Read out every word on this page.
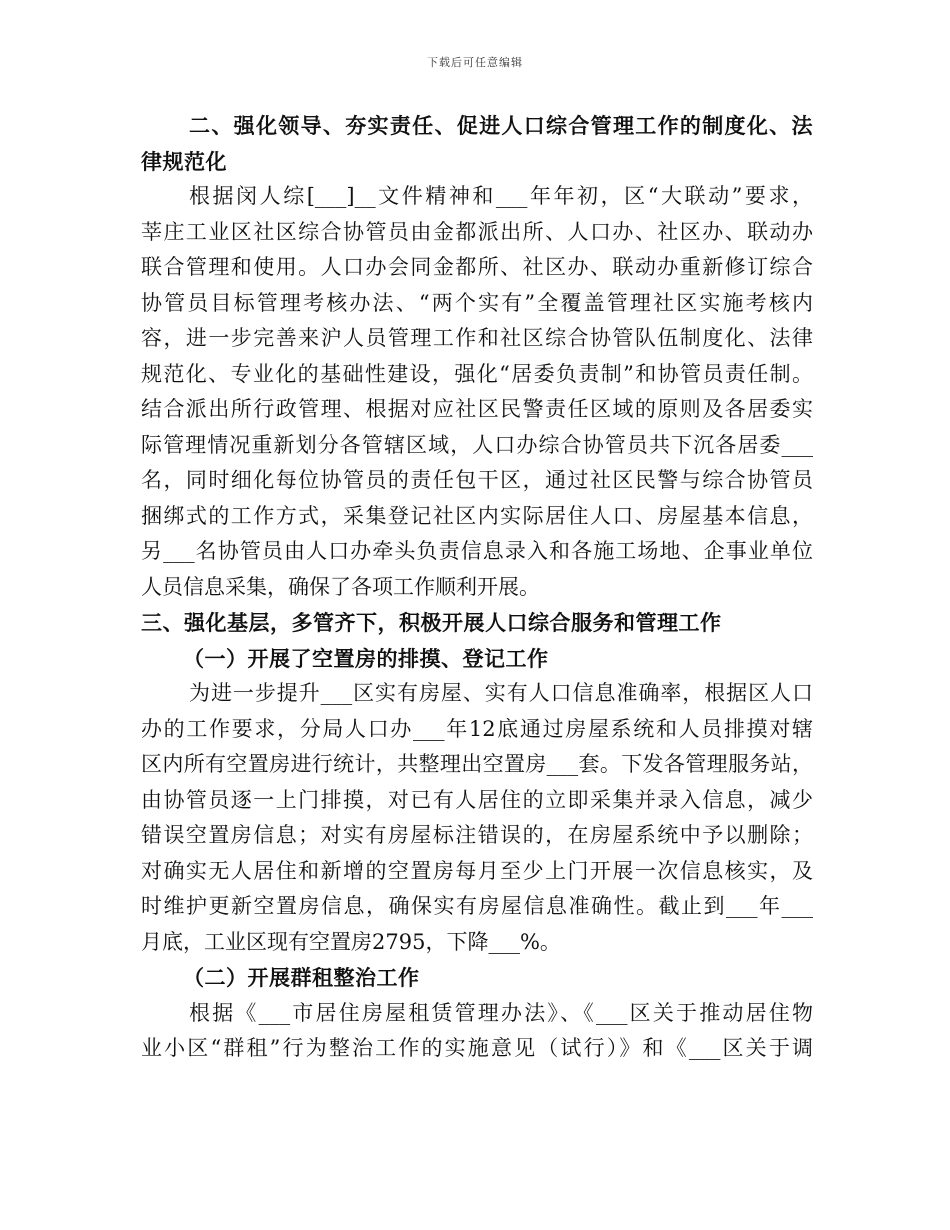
下载后可任意编辑
二、强化领导、夯实责任、促进人口综合管理工作的制度化、法
律规范化
根据闵人综[___]__文件精神和___年年初，区“大联动”要求，
莘庄工业区社区综合协管员由金都派出所、人口办、社区办、联动办
联合管理和使用。人口办会同金都所、社区办、联动办重新修订综合
协管员目标管理考核办法、“两个实有”全覆盖管理社区实施考核内
容，进一步完善来沪人员管理工作和社区综合协管队伍制度化、法律
规范化、专业化的基础性建设，强化“居委负责制”和协管员责任制。
结合派出所行政管理、根据对应社区民警责任区域的原则及各居委实
际管理情况重新划分各管辖区域，人口办综合协管员共下沉各居委___
名，同时细化每位协管员的责任包干区，通过社区民警与综合协管员
捆绑式的工作方式，采集登记社区内实际居住人口、房屋基本信息，
另___名协管员由人口办牵头负责信息录入和各施工场地、企事业单位
人员信息采集，确保了各项工作顺利开展。
三、强化基层，多管齐下，积极开展人口综合服务和管理工作
（一）开展了空置房的排摸、登记工作
为进一步提升___区实有房屋、实有人口信息准确率，根据区人口
办的工作要求，分局人口办___年12底通过房屋系统和人员排摸对辖
区内所有空置房进行统计，共整理出空置房___套。下发各管理服务站，
由协管员逐一上门排摸，对已有人居住的立即采集并录入信息，减少
错误空置房信息；对实有房屋标注错误的，在房屋系统中予以删除；
对确实无人居住和新增的空置房每月至少上门开展一次信息核实，及
时维护更新空置房信息，确保实有房屋信息准确性。截止到___年___
月底，工业区现有空置房2795，下降___%。
（二）开展群租整治工作
根据《___市居住房屋租赁管理办法》、《___区关于推动居住物
业小区“群租”行为整治工作的实施意见（试行）》和《___区关于调
